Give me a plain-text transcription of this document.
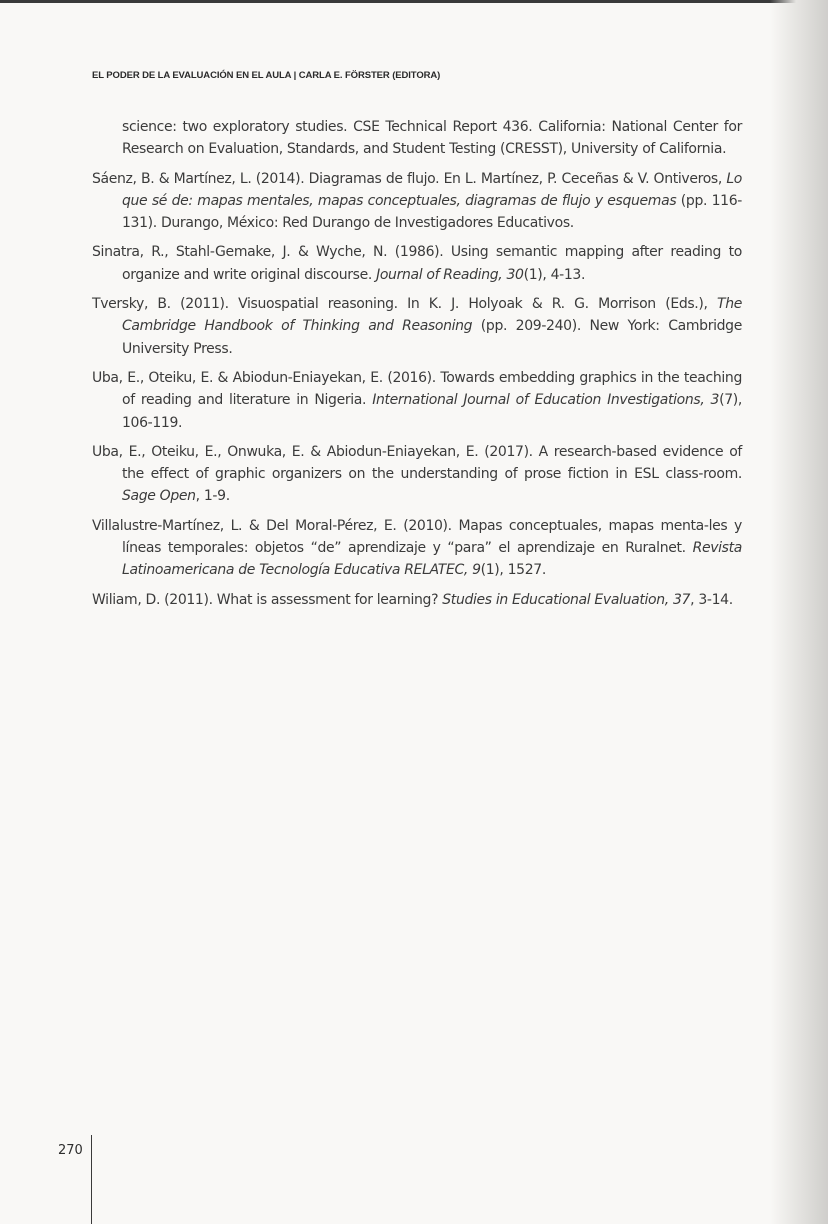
EL PODER DE LA EVALUACIÓN EN EL AULA | CARLA E. FÖRSTER (EDITORA)

science: two exploratory studies. CSE Technical Report 436. California: National Center for Research on Evaluation, Standards, and Student Testing (CRESST), University of California.

Sáenz, B. & Martínez, L. (2014). Diagramas de flujo. En L. Martínez, P. Ceceñas & V. Ontiveros, Lo que sé de: mapas mentales, mapas conceptuales, diagramas de flujo y esquemas (pp. 116-131). Durango, México: Red Durango de Investigadores Educativos.

Sinatra, R., Stahl-Gemake, J. & Wyche, N. (1986). Using semantic mapping after reading to organize and write original discourse. Journal of Reading, 30(1), 4-13.

Tversky, B. (2011). Visuospatial reasoning. In K. J. Holyoak & R. G. Morrison (Eds.), The Cambridge Handbook of Thinking and Reasoning (pp. 209-240). New York: Cambridge University Press.

Uba, E., Oteiku, E. & Abiodun-Eniayekan, E. (2016). Towards embedding graphics in the teaching of reading and literature in Nigeria. International Journal of Education Investigations, 3(7), 106-119.

Uba, E., Oteiku, E., Onwuka, E. & Abiodun-Eniayekan, E. (2017). A research-based evidence of the effect of graphic organizers on the understanding of prose fiction in ESL class-room. Sage Open, 1-9.

Villalustre-Martínez, L. & Del Moral-Pérez, E. (2010). Mapas conceptuales, mapas menta-les y líneas temporales: objetos “de” aprendizaje y “para” el aprendizaje en Ruralnet. Revista Latinoamericana de Tecnología Educativa RELATEC, 9(1), 1527.

Wiliam, D. (2011). What is assessment for learning? Studies in Educational Evaluation, 37, 3-14.

270
